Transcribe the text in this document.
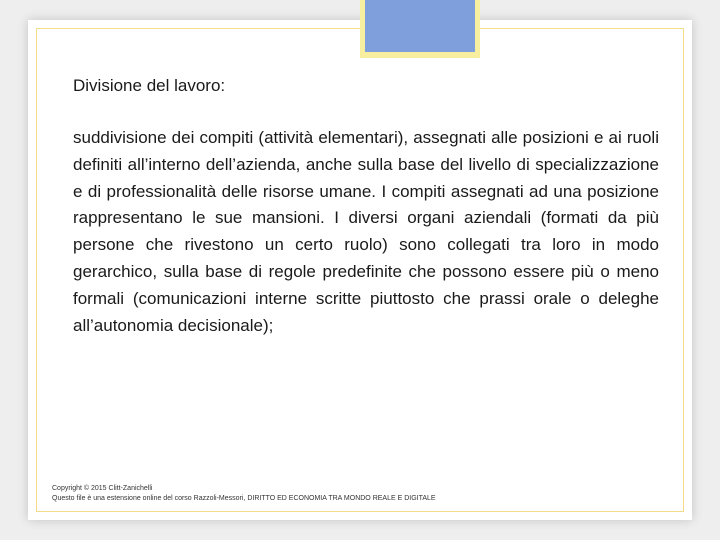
Divisione del lavoro:

suddivisione dei compiti (attività elementari), assegnati alle posizioni e ai ruoli definiti all’interno dell’azienda, anche sulla base del livello di specializzazione e di professionalità delle risorse umane. I compiti assegnati ad una posizione rappresentano le sue mansioni. I diversi organi aziendali (formati da più persone che rivestono un certo ruolo) sono collegati tra loro in modo gerarchico, sulla base di regole predefinite che possono essere più o meno formali (comunicazioni interne scritte piuttosto che prassi orale o deleghe all’autonomia decisionale);

Copyright © 2015 Clitt-Zanichelli
Questo file è una estensione online del corso Razzoli-Messori, DIRITTO ED ECONOMIA TRA MONDO REALE E DIGITALE
